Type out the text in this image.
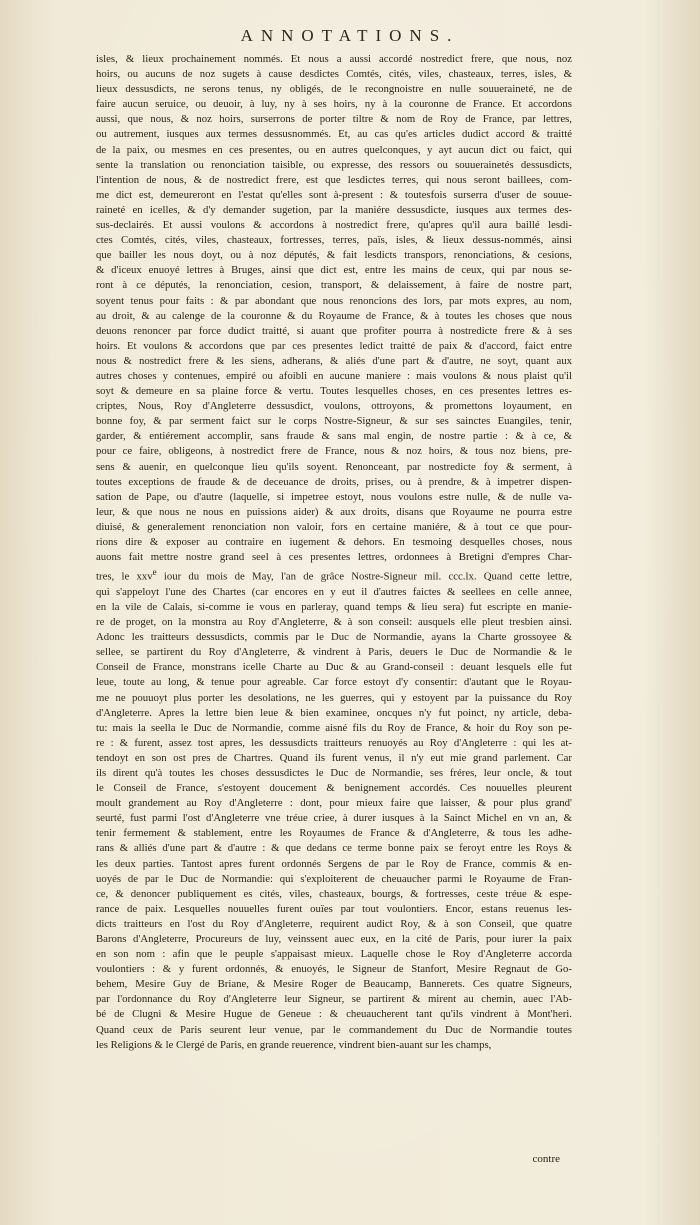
ANNOTATIONS.
isles, & lieux prochainement nommés. Et nous a aussi accordé nostredict frere, que nous, noz
hoirs, ou aucuns de noz sugets à cause desdictes Comtés, cités, viles, chasteaux, terres, isles, &
lieux dessusdicts, ne serons tenus, ny obligés, de le recongnoistre en nulle souueraineté, ne de
faire aucun seruice, ou deuoir, à luy, ny à ses hoirs, ny à la couronne de France. Et accordons
aussi, que nous, & noz hoirs, surserrons de porter tiltre & nom de Roy de France, par lettres,
ou autrement, iusques aux termes dessusnommés. Et, au cas qu'es articles dudict accord & traitté
de la paix, ou mesmes en ces presentes, ou en autres quelconques, y ayt aucun dict ou faict, qui
sente la translation ou renonciation taisible, ou expresse, des ressors ou souuerainetés dessusdicts,
l'intention de nous, & de nostredict frere, est que lesdictes terres, qui nous seront baillees, com-
me dict est, demeureront en l'estat qu'elles sont à-present : & toutesfois surserra d'user de souue-
raineté en icelles, & d'y demander sugetion, par la maniére dessusdicte, iusques aux termes des-
sus-declairés. Et aussi voulons & accordons à nostredict frere, qu'apres qu'il aura baillé lesdi-
ctes Comtés, cités, viles, chasteaux, fortresses, terres, païs, isles, & lieux dessus-nommés, ainsi
que bailler les nous doyt, ou à noz députés, & fait lesdicts transpors, renonciations, & cesions,
& d'iceux enuoyé lettres à Bruges, ainsi que dict est, entre les mains de ceux, qui par nous se-
ront à ce députés, la renonciation, cesion, transport, & delaissement, à faire de nostre part,
soyent tenus pour faits : & par abondant que nous renoncions des lors, par mots expres, au nom,
au droit, & au calenge de la couronne & du Royaume de France, & à toutes les choses que nous
deuons renoncer par force dudict traitté, si auant que profiter pourra à nostredicte frere & à ses
hoirs. Et voulons & accordons que par ces presentes ledict traitté de paix & d'accord, faict entre
nous & nostredict frere & les siens, adherans, & aliés d'une part & d'autre, ne soyt, quant aux
autres choses y contenues, empiré ou afoibli en aucune maniere : mais voulons & nous plaist qu'il
soyt & demeure en sa plaine force & vertu. Toutes lesquelles choses, en ces presentes lettres es-
criptes, Nous, Roy d'Angleterre dessusdict, voulons, ottroyons, & promettons loyaument, en
bonne foy, & par serment faict sur le corps Nostre-Signeur, & sur ses sainctes Euangiles, tenir,
garder, & entiérement accomplir, sans fraude & sans mal engin, de nostre partie : & à ce, &
pour ce faire, obligeons, à nostredict frere de France, nous & noz hoirs, & tous noz biens, pre-
sens & auenir, en quelconque lieu qu'ils soyent. Renonceant, par nostredicte foy & serment, à
toutes exceptions de fraude & de deceuance de droits, prises, ou à prendre, & à impetrer dispen-
sation de Pape, ou d'autre (laquelle, si impetree estoyt, nous voulons estre nulle, & de nulle va-
leur, & que nous ne nous en puissions aider) & aux droits, disans que Royaume ne pourra estre
diuisé, & generalement renonciation non valoir, fors en certaine maniére, & à tout ce que pour-
rions dire & exposer au contraire en iugement & dehors. En tesmoing desquelles choses, nous
auons fait mettre nostre grand seel à ces presentes lettres, ordonnees à Bretigni d'empres Char-
tres, le xxv$^e$ iour du mois de May, l'an de grâce Nostre-Signeur mil. ccc.lx. Quand cette lettre,
qui s'appeloyt l'une des Chartes (car encores en y eut il d'autres faictes & seellees en celle annee,
en la vile de Calais, si-comme ie vous en parleray, quand temps & lieu sera) fut escripte en manie-
re de proget, on la monstra au Roy d'Angleterre, & à son conseil: ausquels elle pleut tresbien ainsi.
Adonc les traitteurs dessusdicts, commis par le Duc de Normandie, ayans la Charte grossoyee &
sellee, se partirent du Roy d'Angleterre, & vindrent à Paris, deuers le Duc de Normandie & le
Conseil de France, monstrans icelle Charte au Duc & au Grand-conseil : deuant lesquels elle fut
leue, toute au long, & tenue pour agreable. Car force estoyt d'y consentir: d'autant que le Royau-
me ne pouuoyt plus porter les desolations, ne les guerres, qui y estoyent par la puissance du Roy
d'Angleterre. Apres la lettre bien leue & bien examinee, oncques n'y fut poinct, ny article, deba-
tu: mais la seella le Duc de Normandie, comme aisné fils du Roy de France, & hoir du Roy son pe-
re : & furent, assez tost apres, les dessusdicts traitteurs renuoyés au Roy d'Angleterre : qui les at-
tendoyt en son ost pres de Chartres. Quand ils furent venus, il n'y eut mie grand parlement. Car
ils dirent qu'à toutes les choses dessusdictes le Duc de Normandie, ses fréres, leur oncle, & tout
le Conseil de France, s'estoyent doucement & benignement accordés. Ces nouuelles pleurent
moult grandement au Roy d'Angleterre : dont, pour mieux faire que laisser, & pour plus grand'
seurté, fust parmi l'ost d'Angleterre vne tréue criee, à durer iusques à la Sainct Michel en vn an, &
tenir fermement & stablement, entre les Royaumes de France & d'Angleterre, & tous les adhe-
rans & alliés d'une part & d'autre : & que dedans ce terme bonne paix se feroyt entre les Roys &
les deux parties. Tantost apres furent ordonnés Sergens de par le Roy de France, commis & en-
uoyés de par le Duc de Normandie: qui s'exploiterent de cheuaucher parmi le Royaume de Fran-
ce, & denoncer publiquement es cités, viles, chasteaux, bourgs, & fortresses, ceste tréue & espe-
rance de paix. Lesquelles nouuelles furent ouïes par tout voulontiers. Encor, estans reuenus les-
dicts traitteurs en l'ost du Roy d'Angleterre, requirent audict Roy, & à son Conseil, que quatre
Barons d'Angleterre, Procureurs de luy, veinssent auec eux, en la cité de Paris, pour iurer la paix
en son nom : afin que le peuple s'appaisast mieux. Laquelle chose le Roy d'Angleterre accorda
voulontiers : & y furent ordonnés, & enuoyés, le Signeur de Stanfort, Mesire Regnaut de Go-
behem, Mesire Guy de Briane, & Mesire Roger de Beaucamp, Bannerets. Ces quatre Signeurs,
par l'ordonnance du Roy d'Angleterre leur Signeur, se partirent & mirent au chemin, auec l'Ab-
bé de Clugni & Mesire Hugue de Geneue : & cheuaucherent tant qu'ils vindrent à Mont'heri.
Quand ceux de Paris seurent leur venue, par le commandement du Duc de Normandie toutes
les Religions & le Clergé de Paris, en grande reuerence, vindrent bien-auant sur les champs,
contre
